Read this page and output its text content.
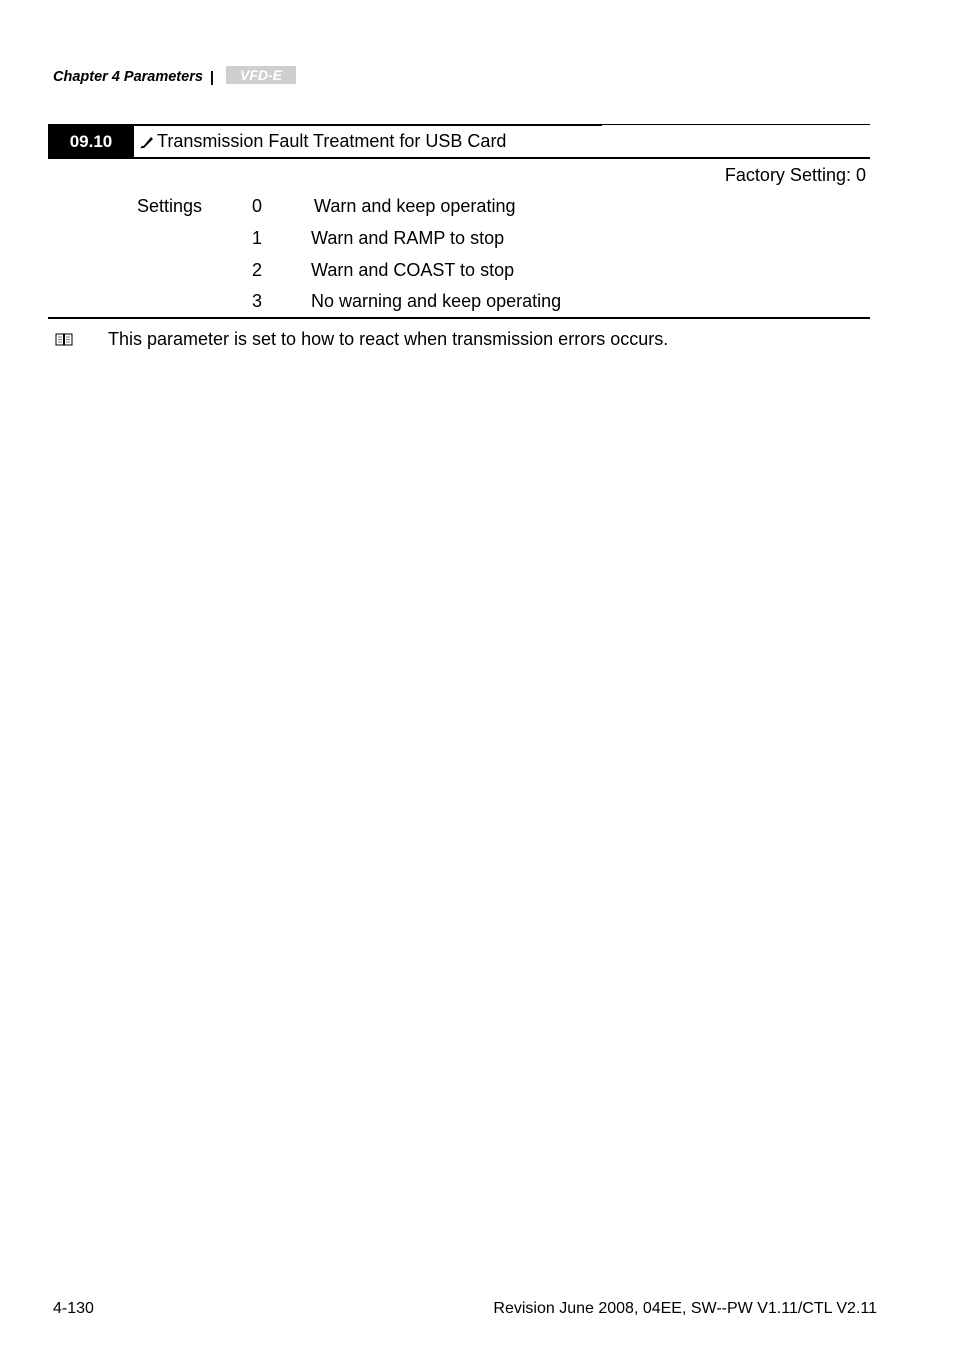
Chapter 4 Parameters | VFD-E
09.10	Transmission Fault Treatment for USB Card
Factory Setting: 0
Settings	0	Warn and keep operating
1	Warn and RAMP to stop
2	Warn and COAST to stop
3	No warning and keep operating
This parameter is set to how to react when transmission errors occurs.
4-130	Revision June 2008, 04EE, SW--PW V1.11/CTL V2.11
